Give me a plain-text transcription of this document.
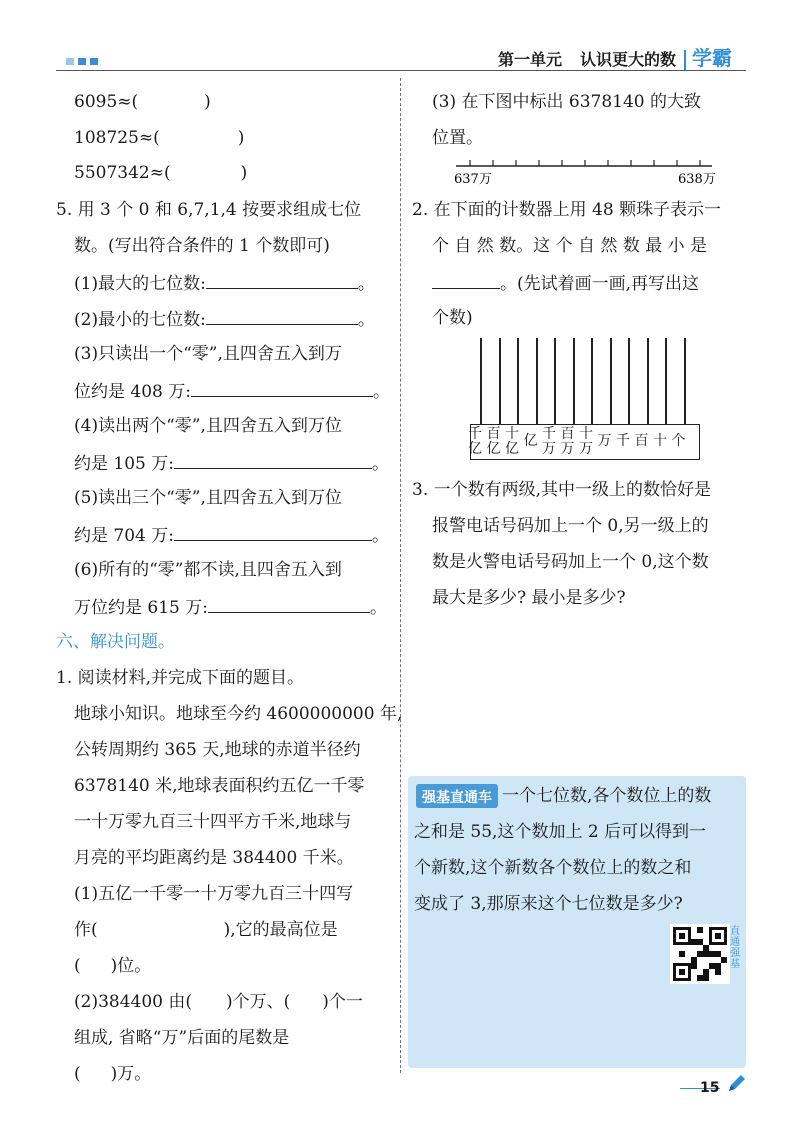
第一单元 认识更大的数 学霸
6095≈(	)
108725≈(	)
5507342≈(	)
5. 用 3 个 0 和 6,7,1,4 按要求组成七位
数。(写出符合条件的 1 个数即可)
(1)最大的七位数:	。
(2)最小的七位数:	。
(3)只读出一个“零”,且四舍五入到万
位约是 408 万:	。
(4)读出两个“零”,且四舍五入到万位
约是 105 万:	。
(5)读出三个“零”,且四舍五入到万位
约是 704 万:	。
(6)所有的“零”都不读,且四舍五入到
万位约是 615 万:	。
六、解决问题。
1. 阅读材料,并完成下面的题目。
地球小知识。地球至今约 4600000000 年,
公转周期约 365 天,地球的赤道半径约
6378140 米,地球表面积约五亿一千零
一十万零九百三十四平方千米,地球与
月亮的平均距离约是 384400 千米。
(1)五亿一千零一十万零九百三十四写
作(	),它的最高位是
( )位。
(2)384400 由( )个万、( )个一
组成, 省略“万”后面的尾数是
( )万。
(3) 在下图中标出 6378140 的大致
位置。
637万	638万
2. 在下面的计数器上用 48 颗珠子表示一
个 自 然 数。这 个 自 然 数 最 小 是
。(先试着画一画,再写出这
个数)
千
亿
百
亿
十
亿 亿 千
万
百
万
十
万 万 千 百 十 个
3. 一个数有两级,其中一级上的数恰好是
报警电话号码加上一个 0,另一级上的
数是火警电话号码加上一个 0,这个数
最大是多少? 最小是多少?
强基直通车 一个七位数,各个数位上的数
之和是 55,这个数加上 2 后可以得到一
个新数,这个新数各个数位上的数之和
变成了 3,那原来这个七位数是多少?
直通强基
15
